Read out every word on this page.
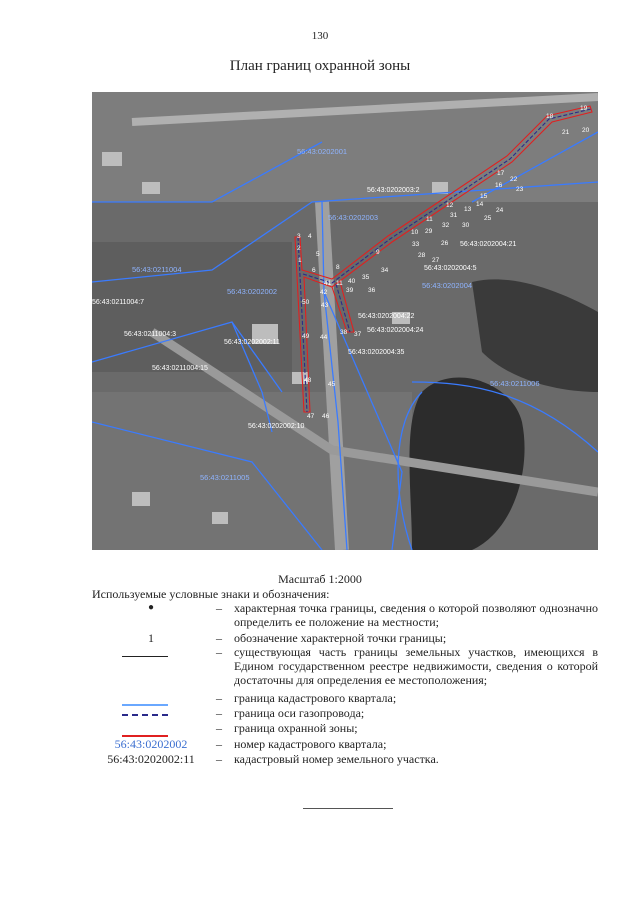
130
План границ охранной зоны
56:43:0202001
56:43:0202003
56:43:0211004
56:43:0202002
56:43:0202004
56:43:0211006
56:43:0211005
56:43:0202003:2
56:43:0202004:21
56:43:0202004:5
56:43:0211004:7
56:43:0211004:3
56:43:0202002:11
56:43:0211004:15
56:43:0202004:22
56:43:0202004:24
56:43:0202004:35
56:43:0202002:10
18
19
21 20
17
22
16
23
15
12
13
14
24
31	25
11
32 30
10 29
33	26
28
27
9
34
35
36
8
11 40
39
41
42
50 43
38 37
49 44
48
45
47 46
3 4
2
5
1
6
Масштаб 1:2000
Используемые условные знаки и обозначения:
●	–	характерная точка границы, сведения о которой позволяют однозначно определить ее положение на местности;
1	–	обозначение характерной точки границы;
–	существующая часть границы земельных участков, имеющихся в Едином государственном реестре недвижимости, сведения о которой достаточны для определения ее местоположения;
–	граница кадастрового квартала;
–	граница оси газопровода;
–	граница охранной зоны;
56:43:0202002	–	номер кадастрового квартала;
56:43:0202002:11	–	кадастровый номер земельного участка.
